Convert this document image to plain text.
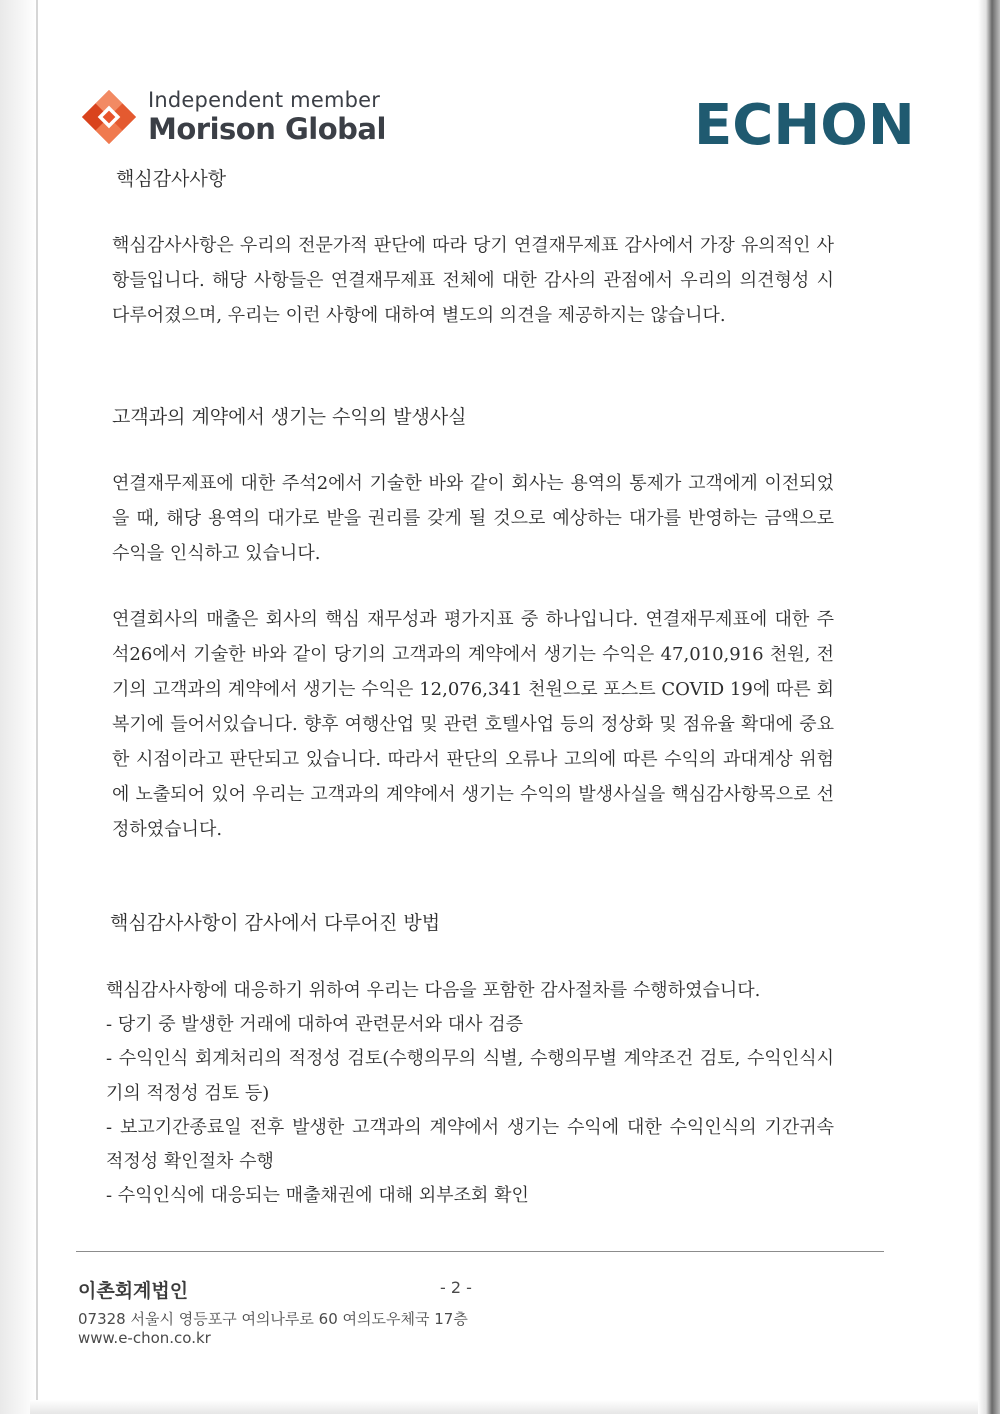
Independent member
Morison Global	ECHON
핵심감사사항

핵심감사사항은 우리의 전문가적 판단에 따라 당기 연결재무제표 감사에서 가장 유의적인 사항들입니다. 해당 사항들은 연결재무제표 전체에 대한 감사의 관점에서 우리의 의견형성 시 다루어졌으며, 우리는 이런 사항에 대하여 별도의 의견을 제공하지는 않습니다.

고객과의 계약에서 생기는 수익의 발생사실

연결재무제표에 대한 주석2에서 기술한 바와 같이 회사는 용역의 통제가 고객에게 이전되었을 때, 해당 용역의 대가로 받을 권리를 갖게 될 것으로 예상하는 대가를 반영하는 금액으로 수익을 인식하고 있습니다.

연결회사의 매출은 회사의 핵심 재무성과 평가지표 중 하나입니다. 연결재무제표에 대한 주석26에서 기술한 바와 같이 당기의 고객과의 계약에서 생기는 수익은 47,010,916 천원, 전기의 고객과의 계약에서 생기는 수익은 12,076,341 천원으로 포스트 COVID 19에 따른 회복기에 들어서있습니다. 향후 여행산업 및 관련 호텔사업 등의 정상화 및 점유율 확대에 중요한 시점이라고 판단되고 있습니다. 따라서 판단의 오류나 고의에 따른 수익의 과대계상 위험에 노출되어 있어 우리는 고객과의 계약에서 생기는 수익의 발생사실을 핵심감사항목으로 선정하였습니다.

핵심감사사항이 감사에서 다루어진 방법
핵심감사사항에 대응하기 위하여 우리는 다음을 포함한 감사절차를 수행하였습니다.
- 당기 중 발생한 거래에 대하여 관련문서와 대사 검증
- 수익인식 회계처리의 적정성 검토(수행의무의 식별, 수행의무별 계약조건 검토, 수익인식시기의 적정성 검토 등)
- 보고기간종료일 전후 발생한 고객과의 계약에서 생기는 수익에 대한 수익인식의 기간귀속 적정성 확인절차 수행
- 수익인식에 대응되는 매출채권에 대해 외부조회 확인
이촌회계법인	- 2 -
07328 서울시 영등포구 여의나루로 60 여의도우체국 17층
www.e-chon.co.kr
